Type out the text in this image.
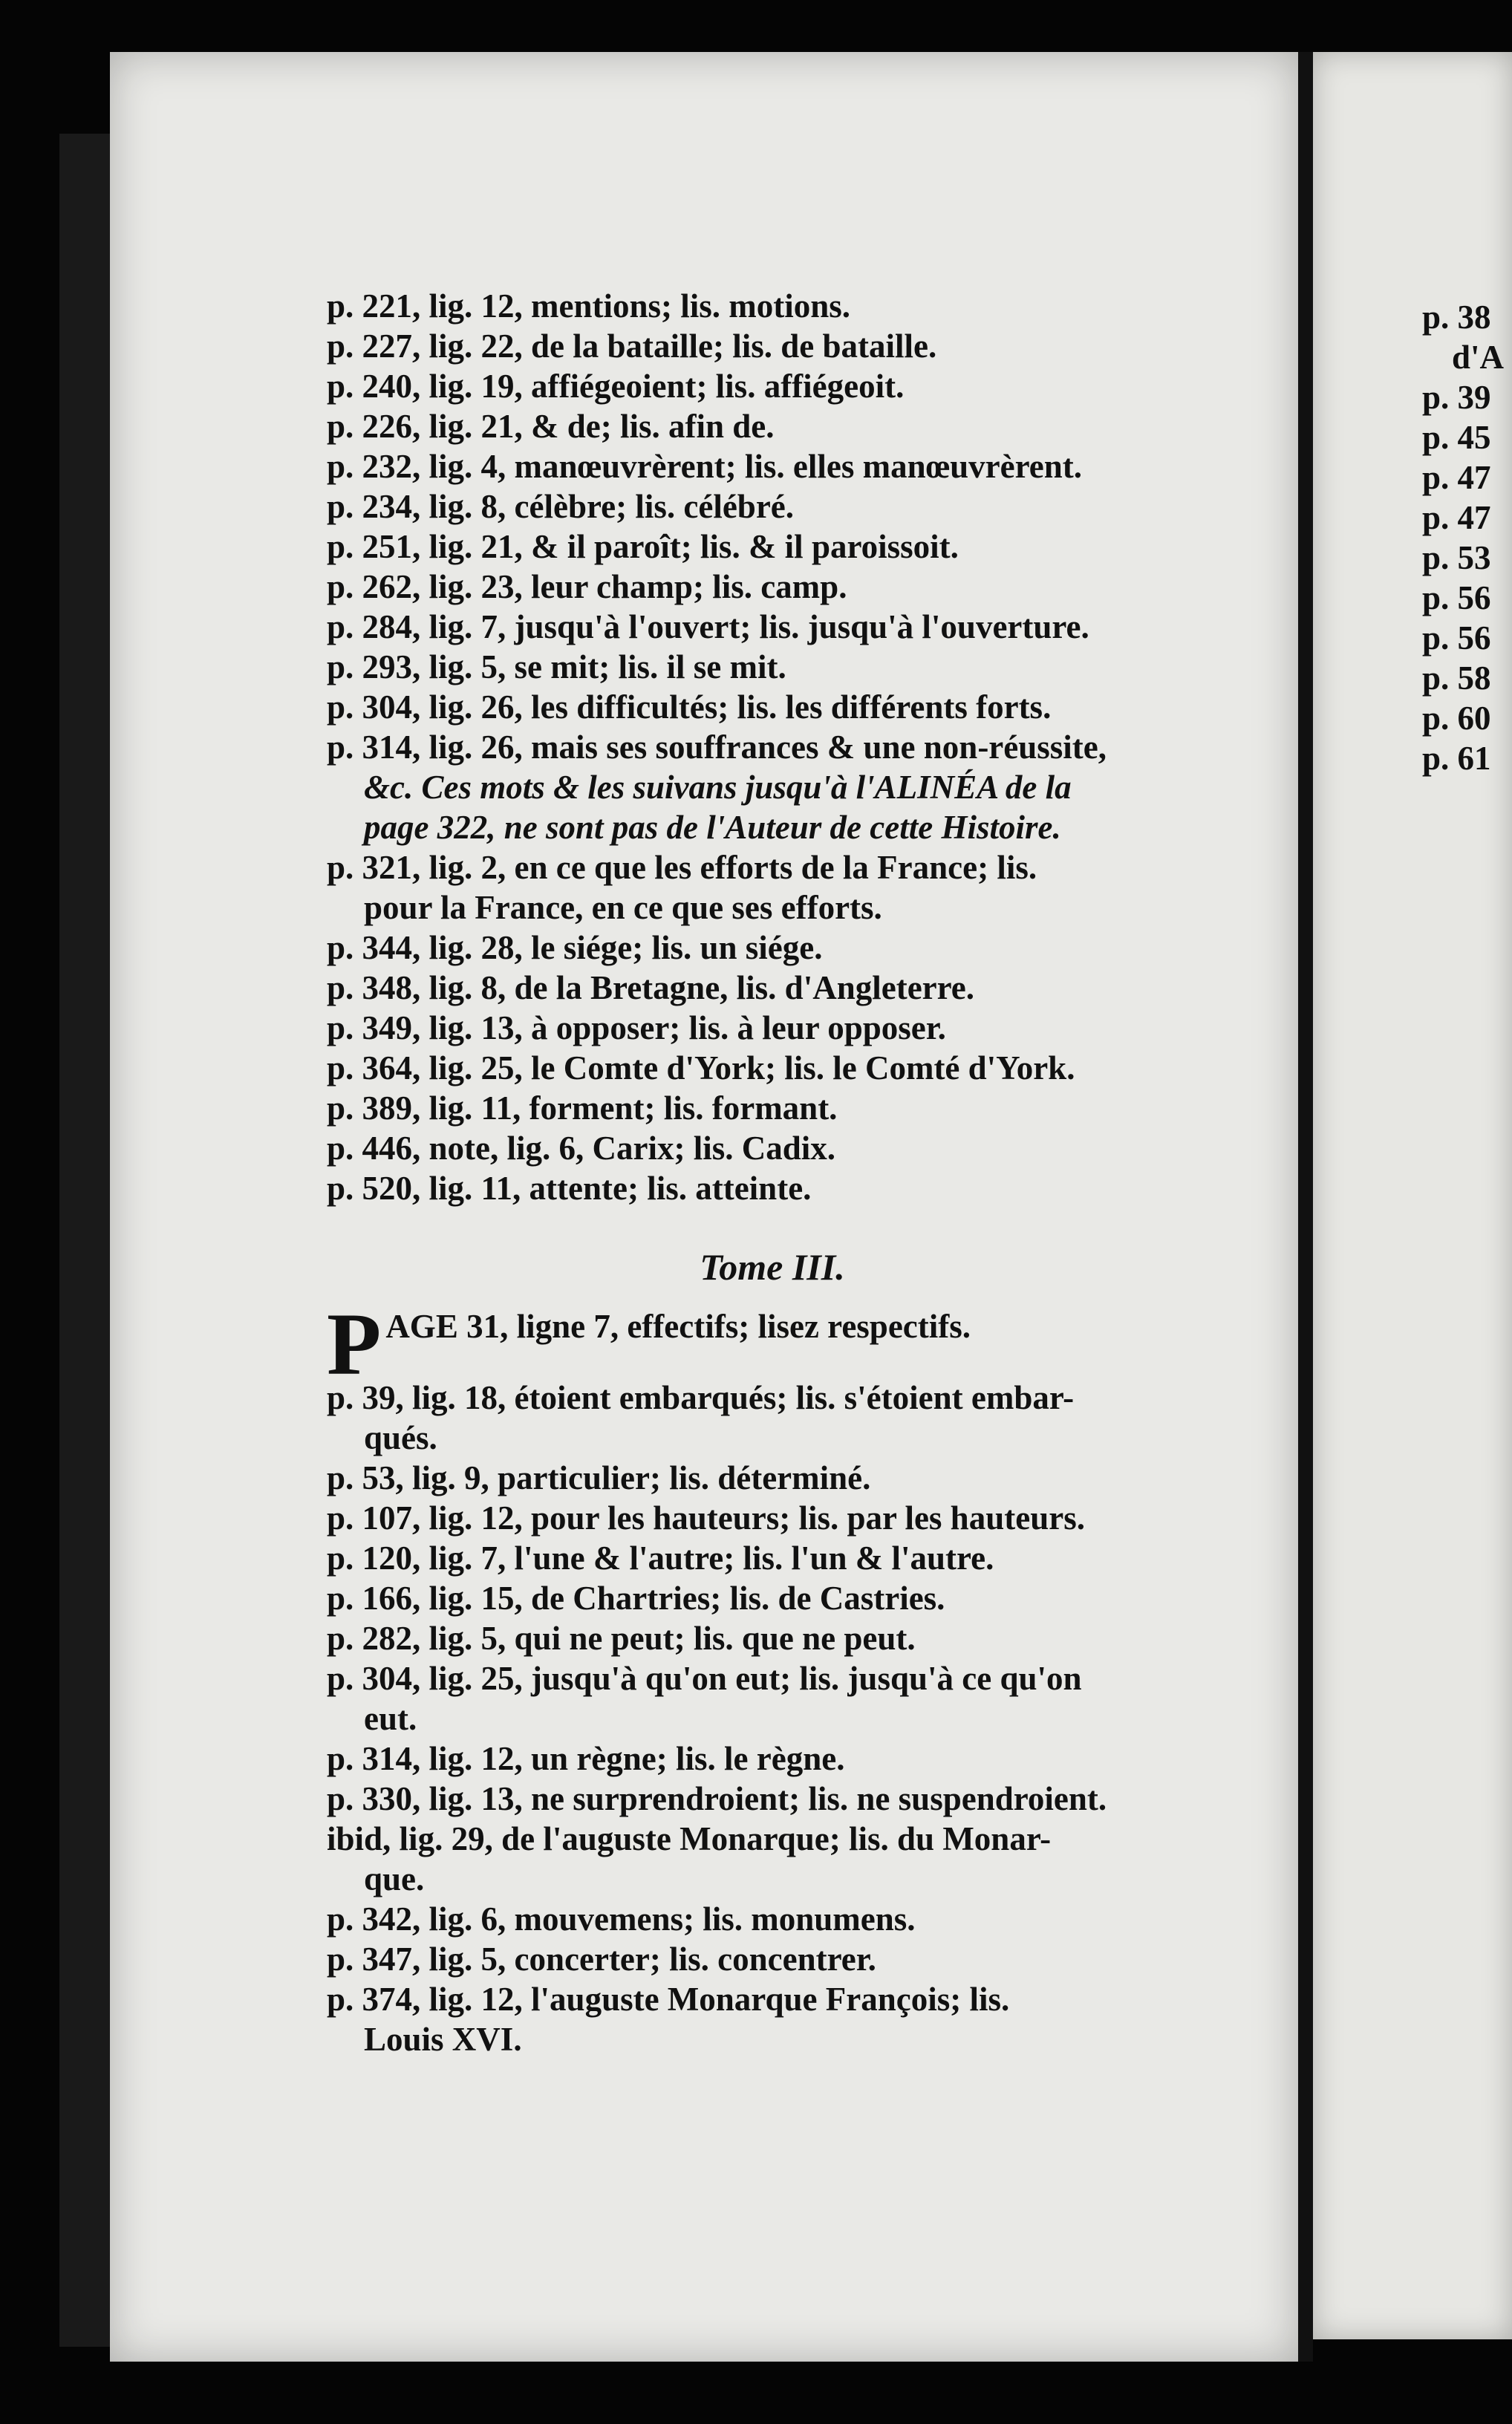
p. 221, lig. 12, mentions; lis. motions.
p. 227, lig. 22, de la bataille; lis. de bataille.
p. 240, lig. 19, affiégeoient; lis. affiégeoit.
p. 226, lig. 21, & de; lis. afin de.
p. 232, lig. 4, manœuvrèrent; lis. elles manœuvrèrent.
p. 234, lig. 8, célèbre; lis. célébré.
p. 251, lig. 21, & il paroît; lis. & il paroissoit.
p. 262, lig. 23, leur champ; lis. camp.
p. 284, lig. 7, jusqu'à l'ouvert; lis. jusqu'à l'ouverture.
p. 293, lig. 5, se mit; lis. il se mit.
p. 304, lig. 26, les difficultés; lis. les différents forts.
p. 314, lig. 26, mais ses souffrances & une non-réussite,
&c. Ces mots & les suivans jusqu'à l'ALINÉA de la
page 322, ne sont pas de l'Auteur de cette Histoire.
p. 321, lig. 2, en ce que les efforts de la France; lis.
pour la France, en ce que ses efforts.
p. 344, lig. 28, le siége; lis. un siége.
p. 348, lig. 8, de la Bretagne, lis. d'Angleterre.
p. 349, lig. 13, à opposer; lis. à leur opposer.
p. 364, lig. 25, le Comte d'York; lis. le Comté d'York.
p. 389, lig. 11, forment; lis. formant.
p. 446, note, lig. 6, Carix; lis. Cadix.
p. 520, lig. 11, attente; lis. atteinte.
Tome III.
P AGE 31, ligne 7, effectifs; lisez respectifs.
p. 39, lig. 18, étoient embarqués; lis. s'étoient embar-
qués.
p. 53, lig. 9, particulier; lis. déterminé.
p. 107, lig. 12, pour les hauteurs; lis. par les hauteurs.
p. 120, lig. 7, l'une & l'autre; lis. l'un & l'autre.
p. 166, lig. 15, de Chartries; lis. de Castries.
p. 282, lig. 5, qui ne peut; lis. que ne peut.
p. 304, lig. 25, jusqu'à qu'on eut; lis. jusqu'à ce qu'on
eut.
p. 314, lig. 12, un règne; lis. le règne.
p. 330, lig. 13, ne surprendroient; lis. ne suspendroient.
ibid, lig. 29, de l'auguste Monarque; lis. du Monar-
que.
p. 342, lig. 6, mouvemens; lis. monumens.
p. 347, lig. 5, concerter; lis. concentrer.
p. 374, lig. 12, l'auguste Monarque François; lis.
Louis XVI.
p. 38
d'A
p. 39
p. 45
p. 47
p. 47
p. 53
p. 56
p. 56
p. 58
p. 60
p. 61
